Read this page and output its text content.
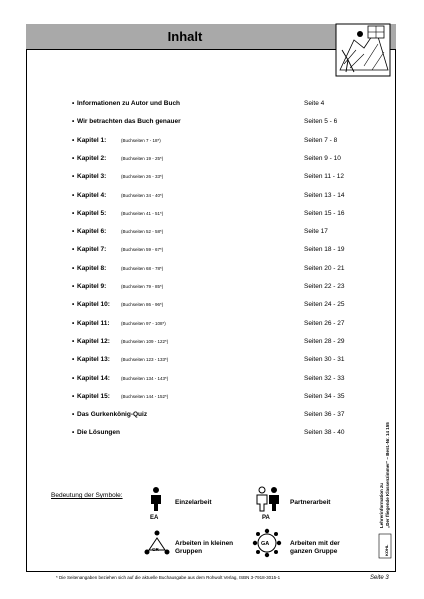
Inhalt
• Informationen zu Autor und Buch	Seite 4
• Wir betrachten das Buch genauer	Seiten 5 - 6
• Kapitel 1:	(Buchseiten 7 - 18*)	Seiten 7 - 8
• Kapitel 2:	(Buchseiten 19 - 25*)	Seiten 9 - 10
• Kapitel 3:	(Buchseiten 26 - 33*)	Seiten 11 - 12
• Kapitel 4:	(Buchseiten 34 - 40*)	Seiten 13 - 14
• Kapitel 5:	(Buchseiten 41 - 51*)	Seiten 15 - 16
• Kapitel 6:	(Buchseiten 52 - 58*)	Seite 17
• Kapitel 7:	(Buchseiten 59 - 67*)	Seiten 18 - 19
• Kapitel 8:	(Buchseiten 68 - 78*)	Seiten 20 - 21
• Kapitel 9:	(Buchseiten 79 - 85*)	Seiten 22 - 23
• Kapitel 10: (Buchseiten 86 - 96*)	Seiten 24 - 25
• Kapitel 11:	(Buchseiten 97 - 108*)	Seiten 26 - 27
• Kapitel 12: (Buchseiten 109 - 122*)	Seiten 28 - 29
• Kapitel 13: (Buchseiten 123 - 133*)	Seiten 30 - 31
• Kapitel 14: (Buchseiten 134 - 143*)	Seiten 32 - 33
• Kapitel 15: (Buchseiten 144 - 152*)	Seiten 34 - 35
• Das Gurkenkönig-Quiz	Seiten 36 - 37
• Die Lösungen	Seiten 38 - 40
Bedeutung der Symbole:
EA
Einzelarbeit
PA
Partnerarbeit
GR
Arbeiten in kleinen Gruppen
GA	Arbeiten mit der ganzen Gruppe
Lehrerinformation zu „Der fliegende Klassenzimmer“ – Best.-Nr. 14 155
KOHL
* Die Seitenangaben beziehen sich auf die aktuelle Buchausgabe aus dem Rohwolt Verlag, ISBN 3-7918-3015-1	Seite 3
